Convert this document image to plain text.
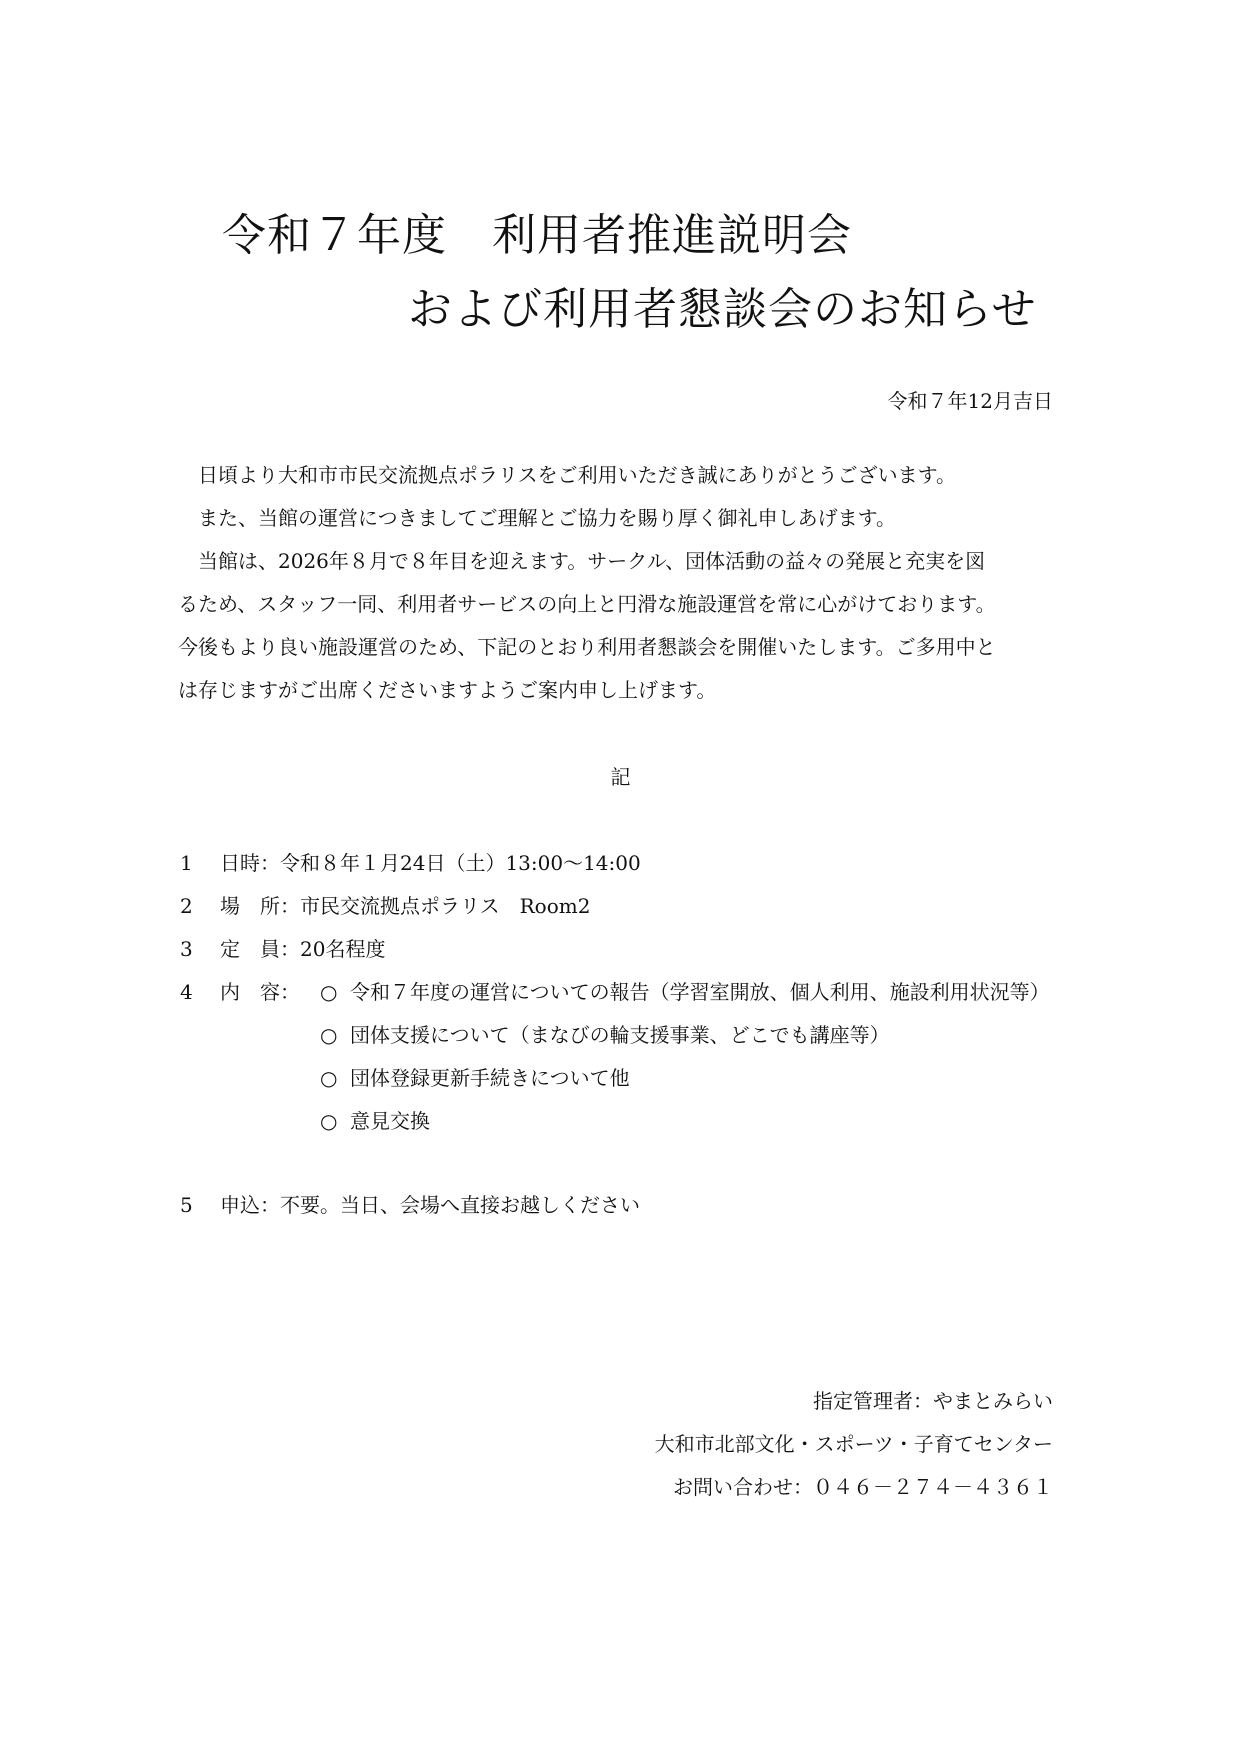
令和７年度　利用者推進説明会
および利用者懇談会のお知らせ
令和７年12月吉日
　日頃より大和市市民交流拠点ポラリスをご利用いただき誠にありがとうございます。
　また、当館の運営につきましてご理解とご協力を賜り厚く御礼申しあげます。
　当館は、2026年８月で８年目を迎えます。サークル、団体活動の益々の発展と充実を図
るため、スタッフ一同、利用者サービスの向上と円滑な施設運営を常に心がけております。
今後もより良い施設運営のため、下記のとおり利用者懇談会を開催いたします。ご多用中と
は存じますがご出席くださいますようご案内申し上げます。
記
1 日時：令和８年１月24日（土）13:00～14:00
2 場　所：市民交流拠点ポラリス　Room2
3 定　員：20名程度
4 内　容： ○ 令和７年度の運営についての報告（学習室開放、個人利用、施設利用状況等）
○ 団体支援について（まなびの輪支援事業、どこでも講座等）
○ 団体登録更新手続きについて他
○ 意見交換
5 申込：不要。当日、会場へ直接お越しください
指定管理者：やまとみらい
大和市北部文化・スポーツ・子育てセンター
お問い合わせ：０４６－２７４－４３６１
